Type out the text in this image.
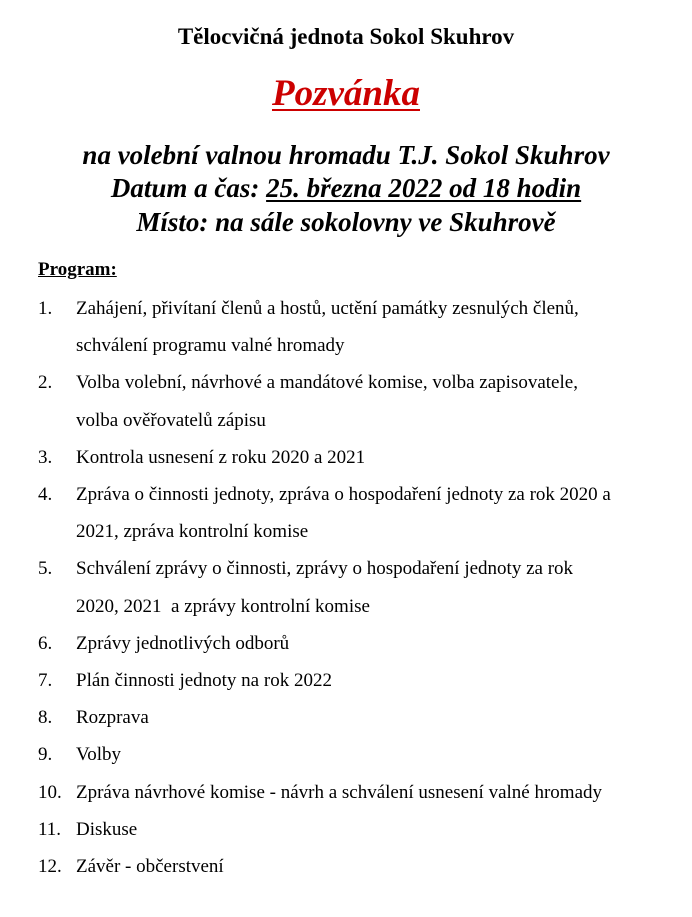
Tělocvičná jednota Sokol Skuhrov
Pozvánka
na volební valnou hromadu T.J. Sokol Skuhrov
Datum a čas: 25. března 2022 od 18 hodin
Místo: na sále sokolovny ve Skuhrově
Program:
1.	Zahájení, přivítaní členů a hostů, uctění památky zesnulých členů,
schválení programu valné hromady
2.	Volba volební, návrhové a mandátové komise, volba zapisovatele,
volba ověřovatelů zápisu
3.	Kontrola usnesení z roku 2020 a 2021
4.	Zpráva o činnosti jednoty, zpráva o hospodaření jednoty za rok 2020 a
2021, zpráva kontrolní komise
5.	Schválení zprávy o činnosti, zprávy o hospodaření jednoty za rok
2020, 2021  a zprávy kontrolní komise
6.	Zprávy jednotlivých odborů
7.	Plán činnosti jednoty na rok 2022
8.	Rozprava
9.	Volby
10. Zpráva návrhové komise - návrh a schválení usnesení valné hromady
11. Diskuse
12. Závěr - občerstvení
